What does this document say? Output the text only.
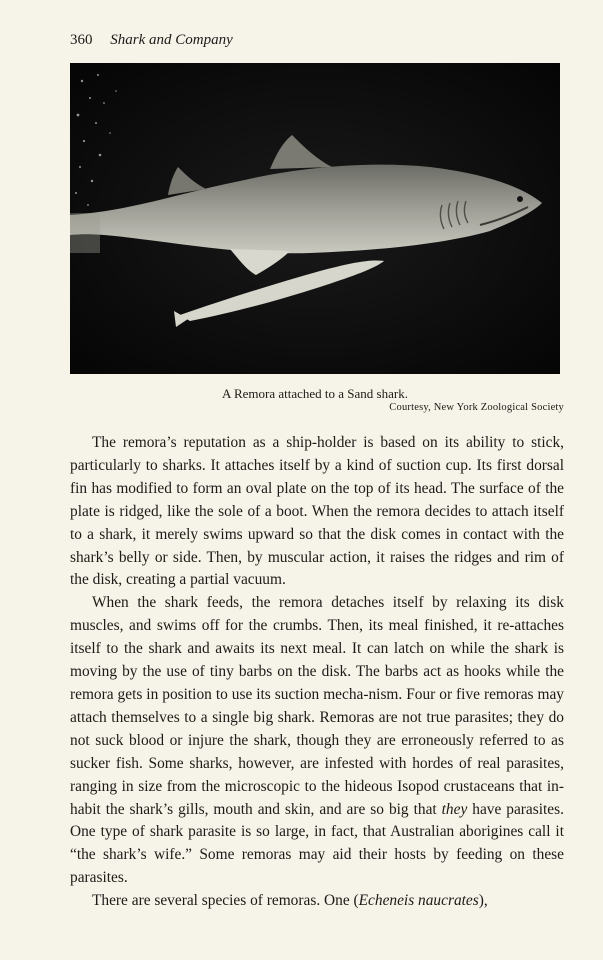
360 Shark and Company
A Remora attached to a Sand shark.
Courtesy, New York Zoological Society

The remora’s reputation as a ship-holder is based on its ability to stick, particularly to sharks. It attaches itself by a kind of suction cup. Its first dorsal fin has modified to form an oval plate on the top of its head. The surface of the plate is ridged, like the sole of a boot. When the remora decides to attach itself to a shark, it merely swims upward so that the disk comes in contact with the shark’s belly or side. Then, by muscular action, it raises the ridges and rim of the disk, creating a partial vacuum.

When the shark feeds, the remora detaches itself by relaxing its disk muscles, and swims off for the crumbs. Then, its meal finished, it re-attaches itself to the shark and awaits its next meal. It can latch on while the shark is moving by the use of tiny barbs on the disk. The barbs act as hooks while the remora gets in position to use its suction mecha-nism. Four or five remoras may attach themselves to a single big shark. Remoras are not true parasites; they do not suck blood or injure the shark, though they are erroneously referred to as sucker fish. Some sharks, however, are infested with hordes of real parasites, ranging in size from the microscopic to the hideous Isopod crustaceans that in-habit the shark’s gills, mouth and skin, and are so big that they have parasites. One type of shark parasite is so large, in fact, that Australian aborigines call it “the shark’s wife.” Some remoras may aid their hosts by feeding on these parasites.

There are several species of remoras. One (Echeneis naucrates),
